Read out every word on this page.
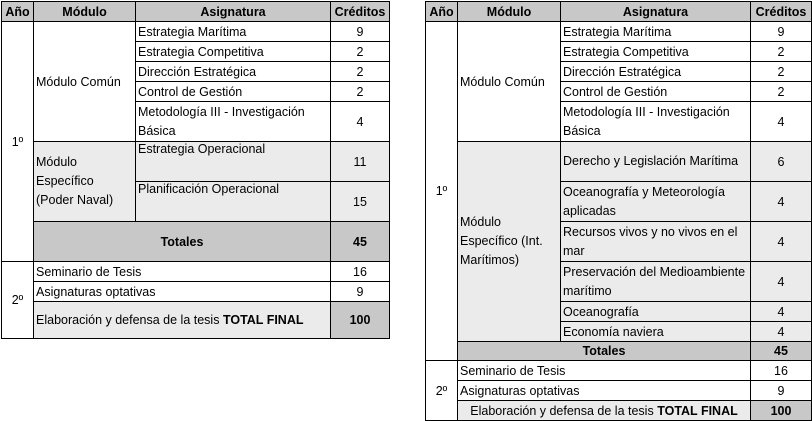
Año	Módulo	Asignatura	Créditos
1º	Módulo Común	Estrategia Marítima	9
		Estrategia Competitiva	2
		Dirección Estratégica	2
		Control de Gestión	2
		Metodología III - Investigación Básica	4
	Módulo Específico (Poder Naval)	Estrategia Operacional	11
		Planificación Operacional	15
	Totales		45
2º	Seminario de Tesis		16
	Asignaturas optativas		9
	Elaboración y defensa de la tesis TOTAL FINAL		100
Año	Módulo	Asignatura	Créditos
1º	Módulo Común	Estrategia Marítima	9
		Estrategia Competitiva	2
		Dirección Estratégica	2
		Control de Gestión	2
		Metodología III - Investigación Básica	4
	Módulo Específico (Int. Marítimos)	Derecho y Legislación Marítima	6
		Oceanografía y Meteorología aplicadas	4
		Recursos vivos y no vivos en el mar	4
		Preservación del Medioambiente marítimo	4
		Oceanografía	4
		Economía naviera	4
	Totales		45
2º	Seminario de Tesis		16
	Asignaturas optativas		9
	Elaboración y defensa de la tesis TOTAL FINAL		100
